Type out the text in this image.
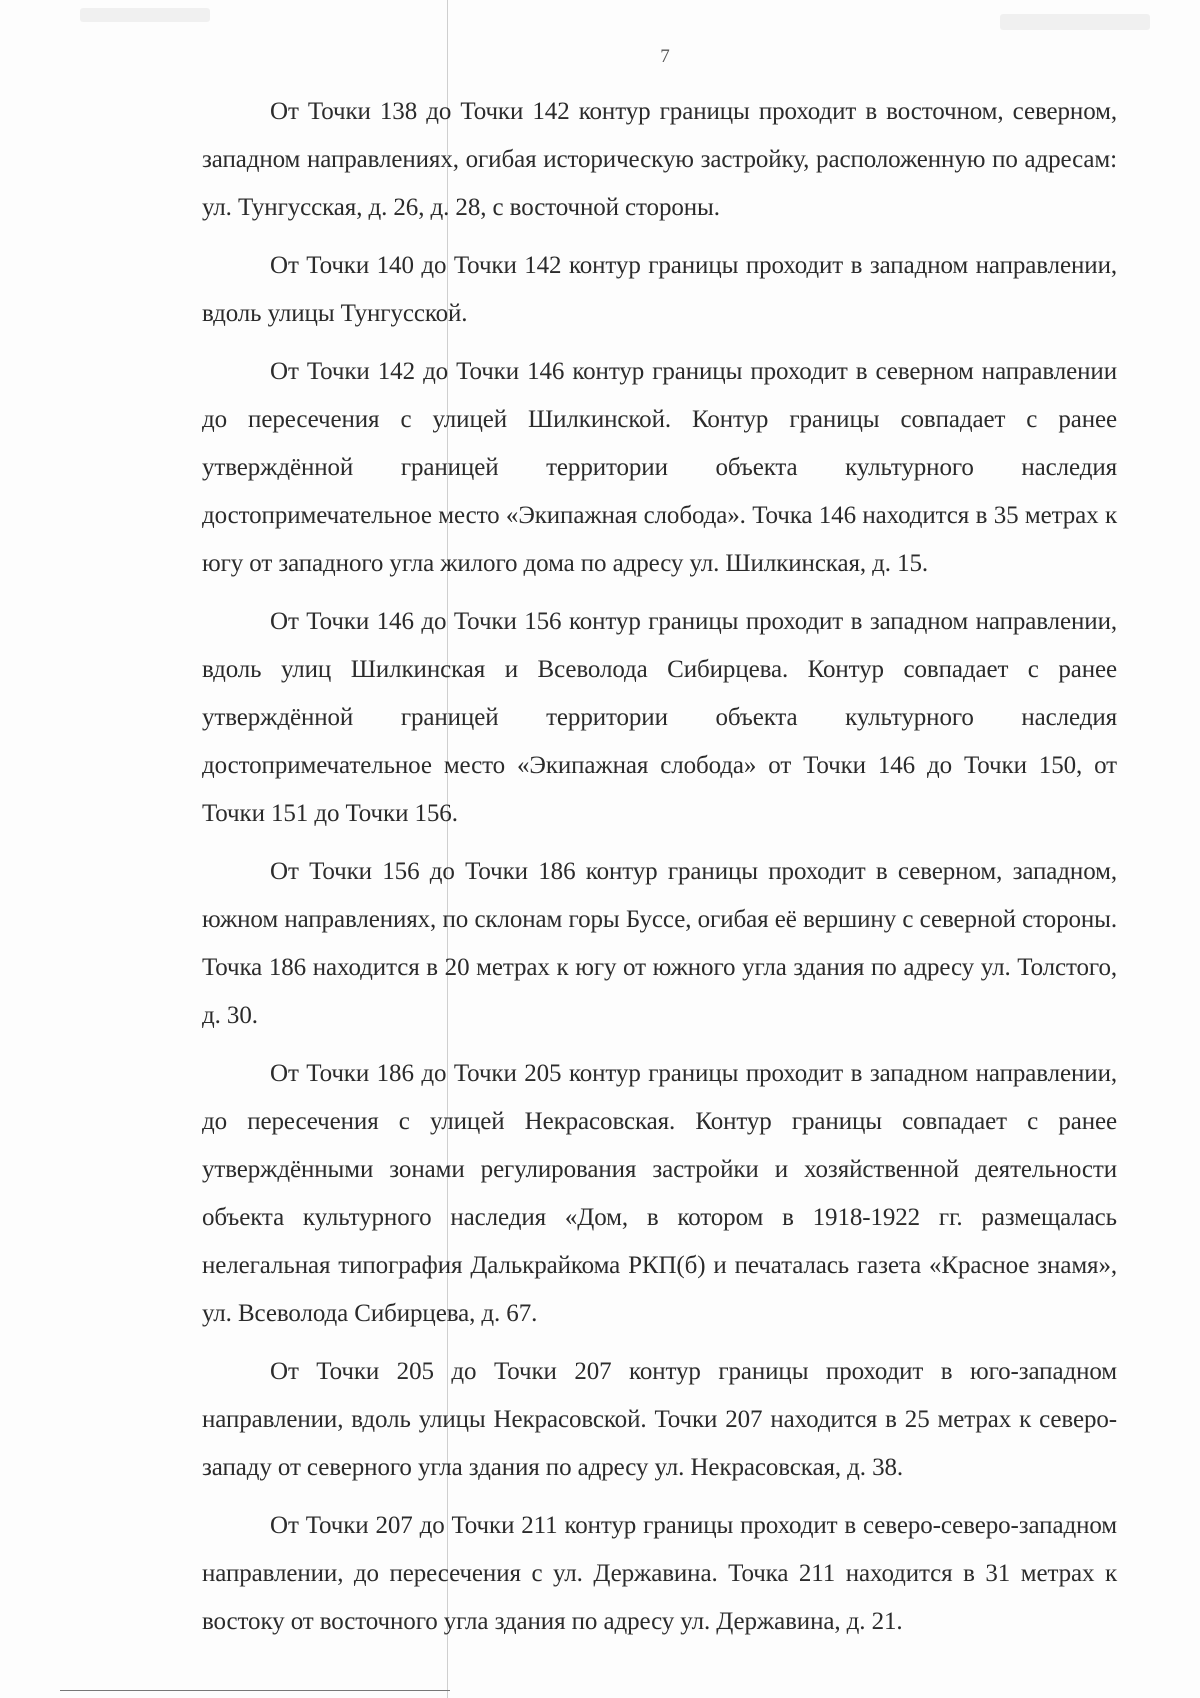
7

От Точки 138 до Точки 142 контур границы проходит в восточном, северном, западном направлениях, огибая историческую застройку, расположенную по адресам: ул. Тунгусская, д. 26, д. 28, с восточной стороны.

От Точки 140 до Точки 142 контур границы проходит в западном направлении, вдоль улицы Тунгусской.

От Точки 142 до Точки 146 контур границы проходит в северном направлении до пересечения с улицей Шилкинской. Контур границы совпадает с ранее утверждённой границей территории объекта культурного наследия достопримечательное место «Экипажная слобода». Точка 146 находится в 35 метрах к югу от западного угла жилого дома по адресу ул. Шилкинская, д. 15.

От Точки 146 до Точки 156 контур границы проходит в западном направлении, вдоль улиц Шилкинская и Всеволода Сибирцева. Контур совпадает с ранее утверждённой границей территории объекта культурного наследия достопримечательное место «Экипажная слобода» от Точки 146 до Точки 150, от Точки 151 до Точки 156.

От Точки 156 до Точки 186 контур границы проходит в северном, западном, южном направлениях, по склонам горы Буссе, огибая её вершину с северной стороны. Точка 186 находится в 20 метрах к югу от южного угла здания по адресу ул. Толстого, д. 30.

От Точки 186 до Точки 205 контур границы проходит в западном направлении, до пересечения с улицей Некрасовская. Контур границы совпадает с ранее утверждёнными зонами регулирования застройки и хозяйственной деятельности объекта культурного наследия «Дом, в котором в 1918-1922 гг. размещалась нелегальная типография Далькрайкома РКП(б) и печаталась газета «Красное знамя», ул. Всеволода Сибирцева, д. 67.

От Точки 205 до Точки 207 контур границы проходит в юго-западном направлении, вдоль улицы Некрасовской. Точки 207 находится в 25 метрах к северо-западу от северного угла здания по адресу ул. Некрасовская, д. 38.

От Точки 207 до Точки 211 контур границы проходит в северо-северо-западном направлении, до пересечения с ул. Державина. Точка 211 находится в 31 метрах к востоку от восточного угла здания по адресу ул. Державина, д. 21.
